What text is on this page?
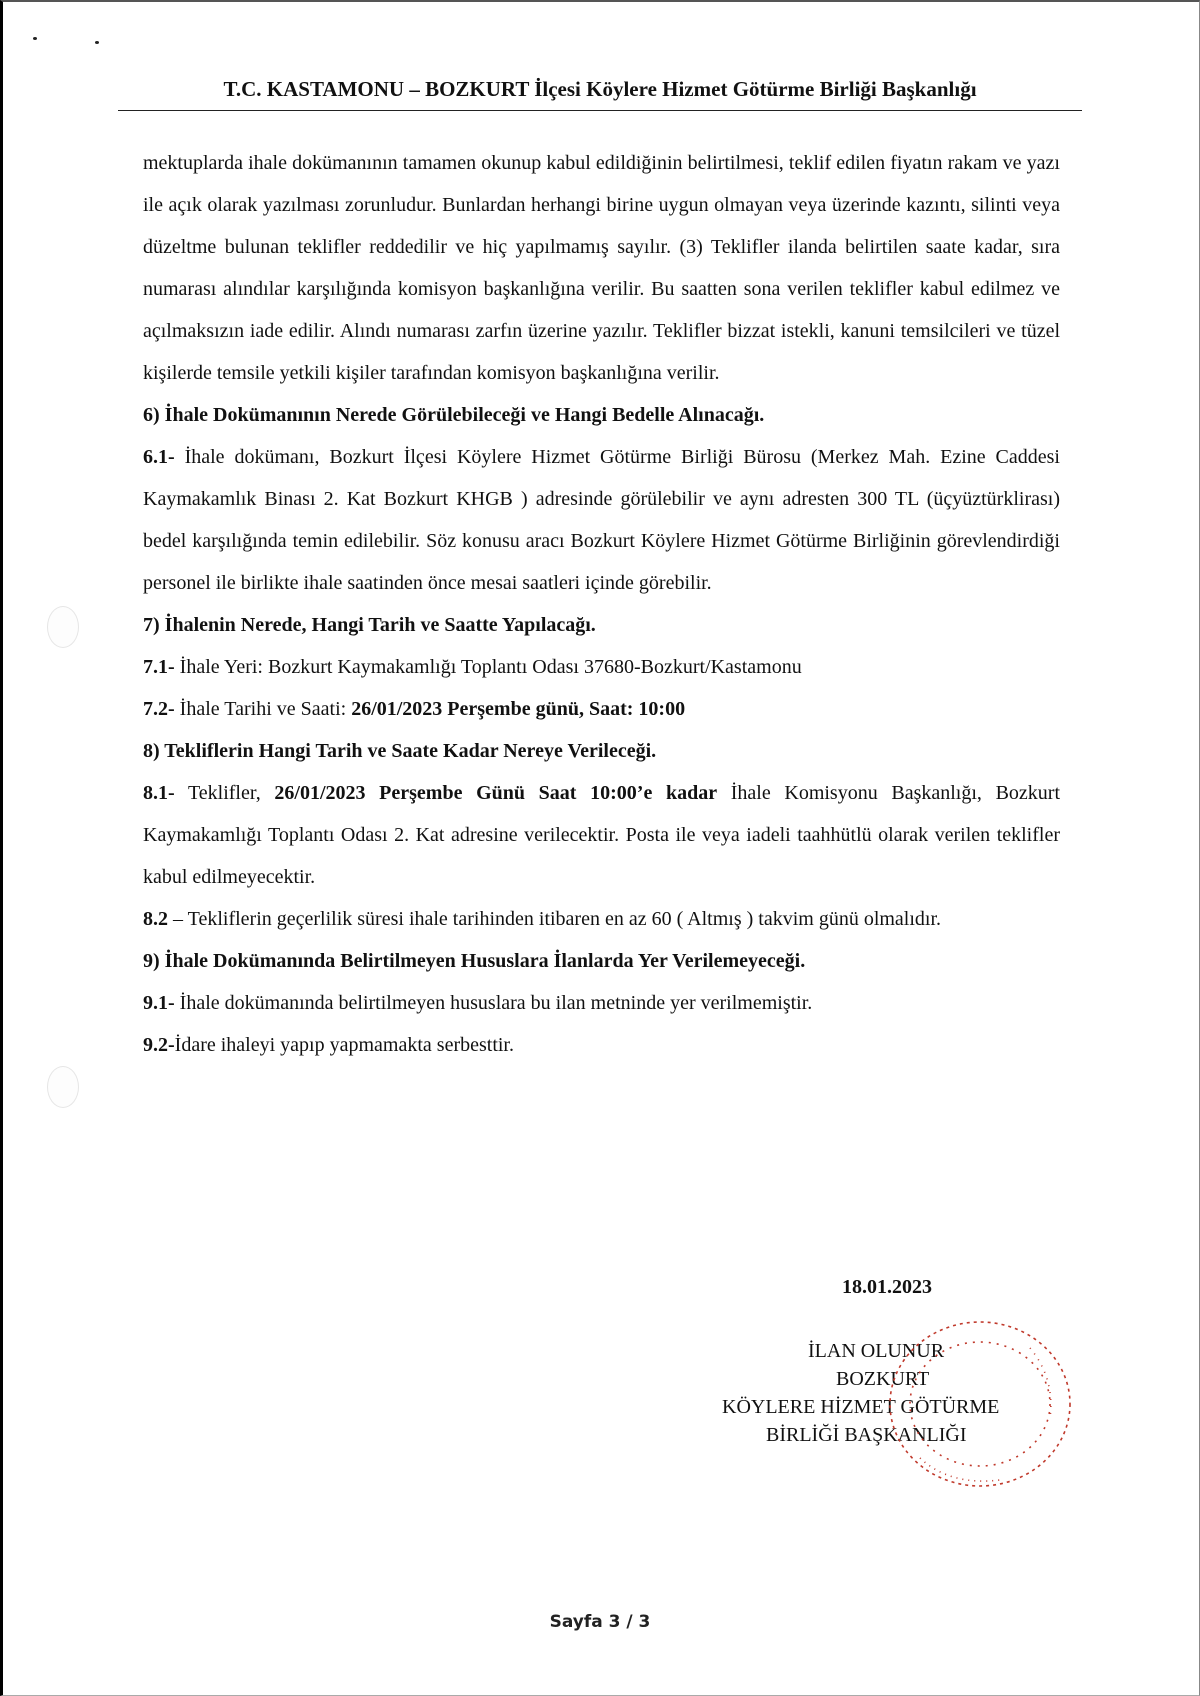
T.C. KASTAMONU – BOZKURT İlçesi Köylere Hizmet Götürme Birliği Başkanlığı

mektuplarda ihale dokümanının tamamen okunup kabul edildiğinin belirtilmesi, teklif edilen fiyatın rakam ve yazı ile açık olarak yazılması zorunludur. Bunlardan herhangi birine uygun olmayan veya üzerinde kazıntı, silinti veya düzeltme bulunan teklifler reddedilir ve hiç yapılmamış sayılır. (3) Teklifler ilanda belirtilen saate kadar, sıra numarası alındılar karşılığında komisyon başkanlığına verilir. Bu saatten sona verilen teklifler kabul edilmez ve açılmaksızın iade edilir. Alındı numarası zarfın üzerine yazılır. Teklifler bizzat istekli, kanuni temsilcileri ve tüzel kişilerde temsile yetkili kişiler tarafından komisyon başkanlığına verilir.

6) İhale Dokümanının Nerede Görülebileceği ve Hangi Bedelle Alınacağı.

6.1- İhale dokümanı, Bozkurt İlçesi Köylere Hizmet Götürme Birliği Bürosu (Merkez Mah. Ezine Caddesi Kaymakamlık Binası 2. Kat Bozkurt KHGB ) adresinde görülebilir ve aynı adresten 300 TL (üçyüztürklirası) bedel karşılığında temin edilebilir. Söz konusu aracı Bozkurt Köylere Hizmet Götürme Birliğinin görevlendirdiği personel ile birlikte ihale saatinden önce mesai saatleri içinde görebilir.

7) İhalenin Nerede, Hangi Tarih ve Saatte Yapılacağı.

7.1- İhale Yeri: Bozkurt Kaymakamlığı Toplantı Odası 37680-Bozkurt/Kastamonu

7.2- İhale Tarihi ve Saati: 26/01/2023 Perşembe günü, Saat: 10:00

8) Tekliflerin Hangi Tarih ve Saate Kadar Nereye Verileceği.

8.1- Teklifler, 26/01/2023 Perşembe Günü Saat 10:00’e kadar İhale Komisyonu Başkanlığı, Bozkurt Kaymakamlığı Toplantı Odası 2. Kat adresine verilecektir. Posta ile veya iadeli taahhütlü olarak verilen teklifler kabul edilmeyecektir.

8.2 – Tekliflerin geçerlilik süresi ihale tarihinden itibaren en az 60 ( Altmış ) takvim günü olmalıdır.

9) İhale Dokümanında Belirtilmeyen Hususlara İlanlarda Yer Verilemeyeceği.

9.1- İhale dokümanında belirtilmeyen hususlara bu ilan metninde yer verilmemiştir.

9.2-İdare ihaleyi yapıp yapmamakta serbesttir.

18.01.2023
İLAN OLUNUR
BOZKURT
KÖYLERE HİZMET GÖTÜRME
BİRLİĞİ BAŞKANLIĞI
Sayfa 3 / 3
